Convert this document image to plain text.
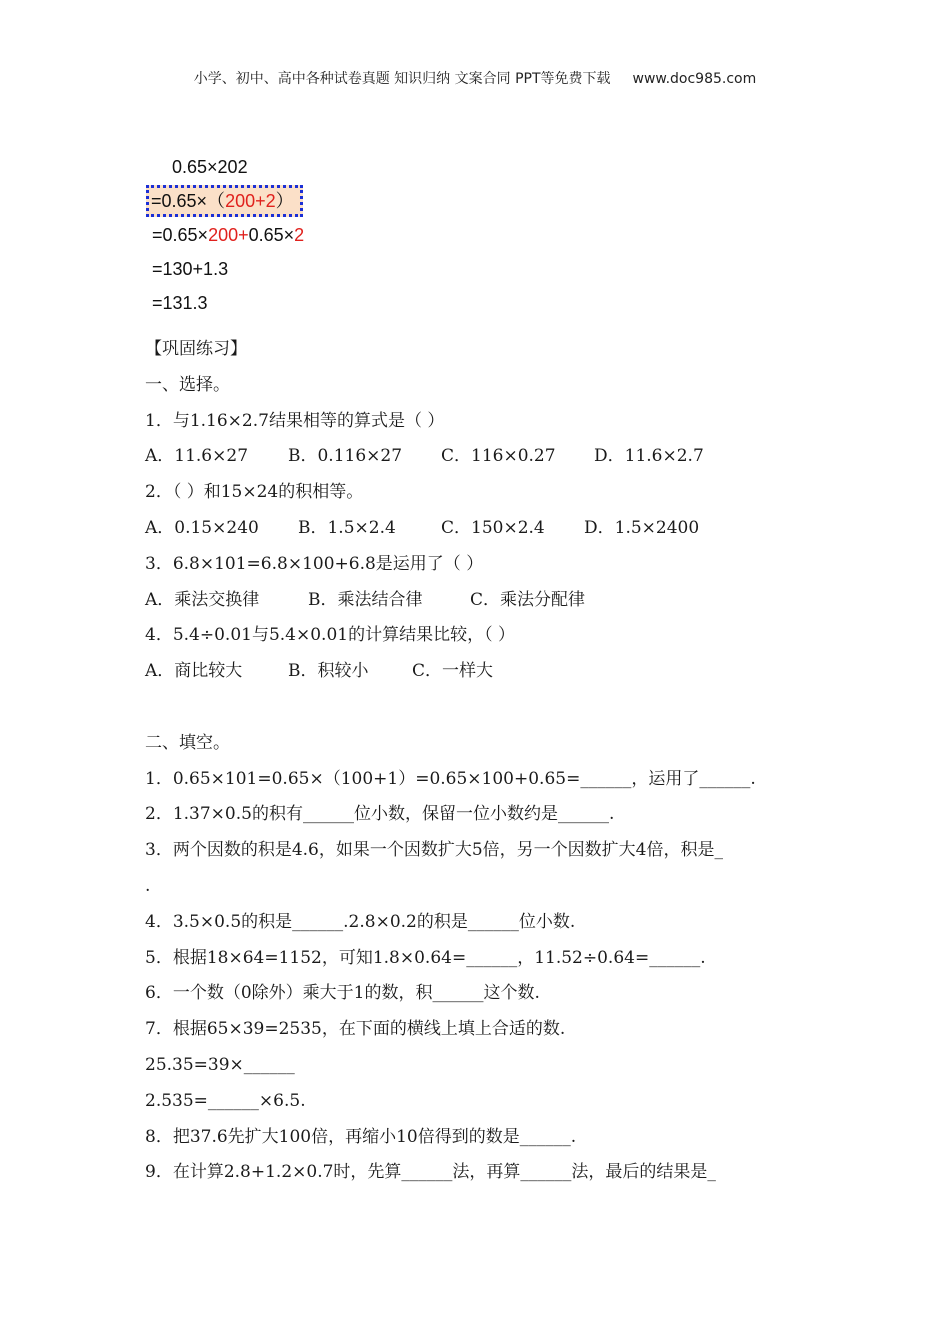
小学、初中、高中各种试卷真题 知识归纳 文案合同 PPT等免费下载 www.doc985.com
0.65×202
=0.65×（200+2）
=0.65×200+0.65×2
=130+1.3
=131.3
【巩固练习】
一、选择。
1．与1.16×2.7结果相等的算式是（ ）
A．11.6×27 B．0.116×27 C．116×0.27 D．11.6×2.7
2．（ ）和15×24的积相等。
A．0.15×240 B．1.5×2.4	C．150×2.4 D．1.5×2400
3．6.8×101=6.8×100+6.8是运用了（ ）
A．乘法交换律	B．乘法结合律	C．乘法分配律
4．5.4÷0.01与5.4×0.01的计算结果比较，（ ）
A．商比较大	B．积较小	C．一样大
二、填空。
1．0.65×101=0.65×（100+1）=0.65×100+0.65=______，运用了______.
2．1.37×0.5的积有______位小数，保留一位小数约是______.
3．两个因数的积是4.6，如果一个因数扩大5倍，另一个因数扩大4倍，积是_
.
4．3.5×0.5的积是______.2.8×0.2的积是______位小数.
5．根据18×64=1152，可知1.8×0.64=______，11.52÷0.64=______.
6．一个数（0除外）乘大于1的数，积______这个数.
7．根据65×39=2535，在下面的横线上填上合适的数.
25.35=39×______
2.535=______×6.5.
8．把37.6先扩大100倍，再缩小10倍得到的数是______.
9．在计算2.8+1.2×0.7时，先算______法，再算______法，最后的结果是_
